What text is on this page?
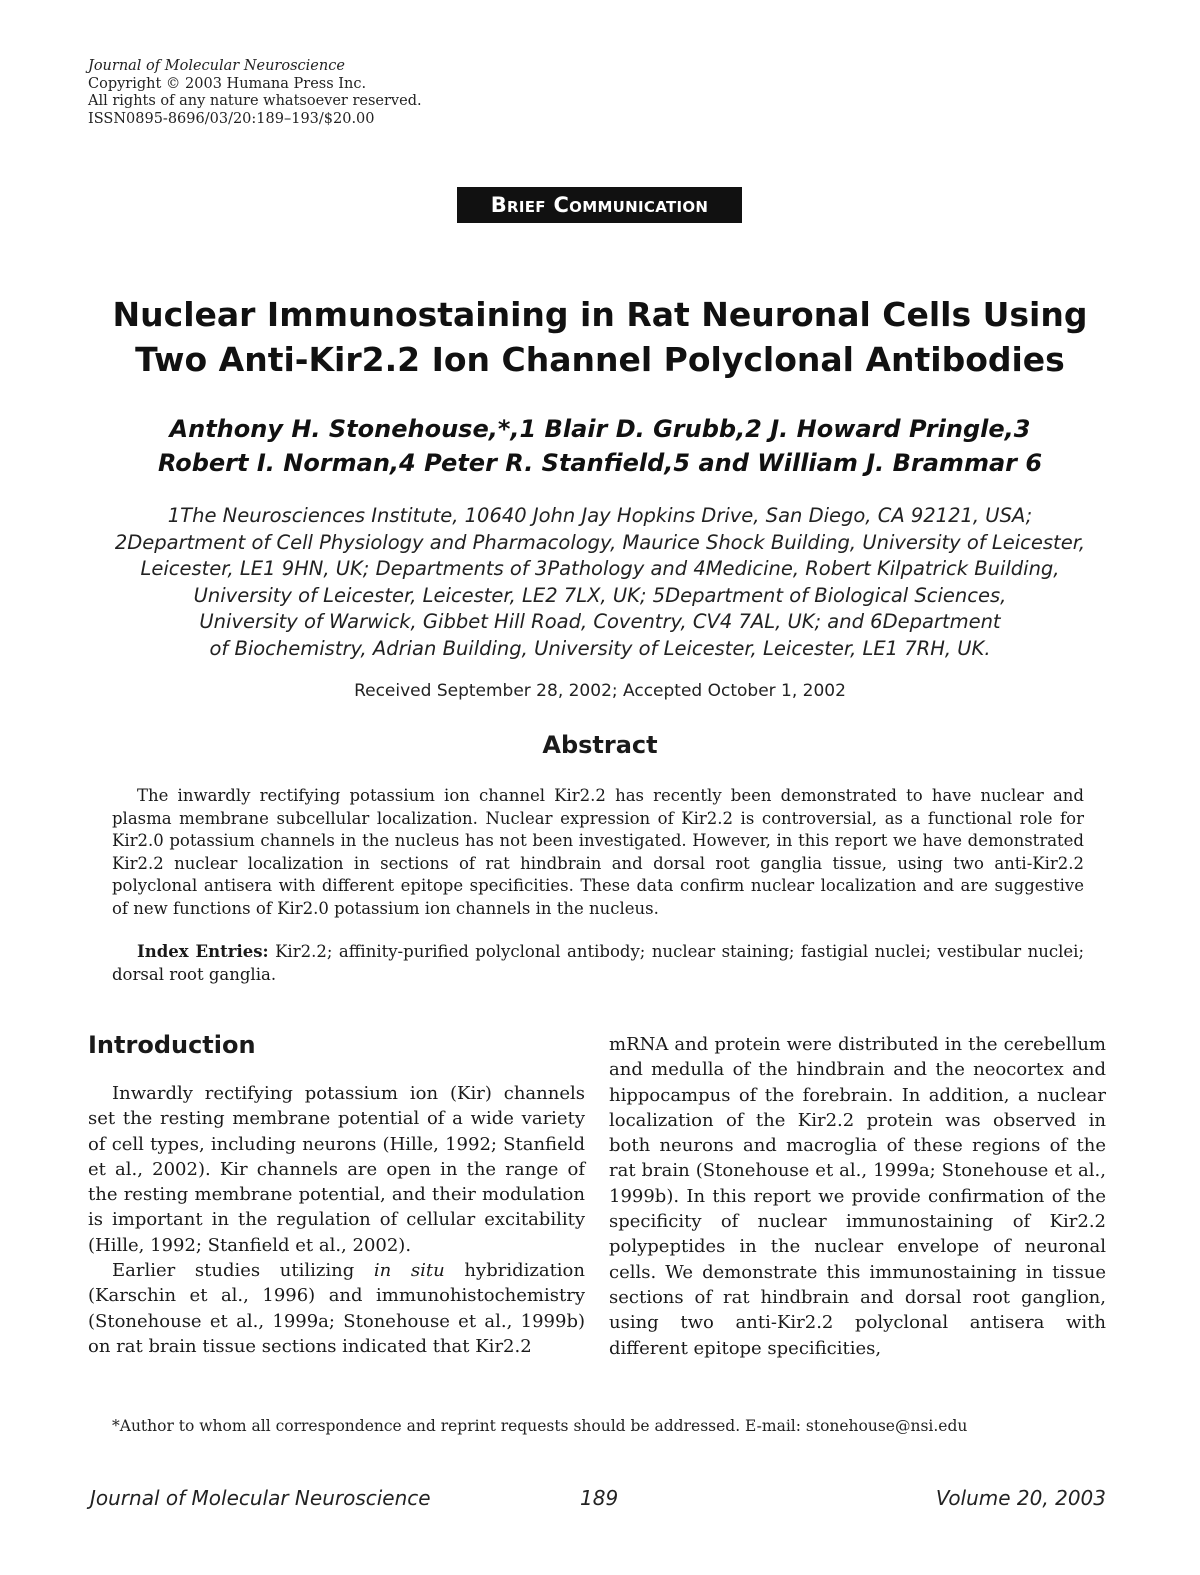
Journal of Molecular Neuroscience
Copyright © 2003 Humana Press Inc.
All rights of any nature whatsoever reserved.
ISSN0895-8696/03/20:189–193/$20.00
Brief Communication
Nuclear Immunostaining in Rat Neuronal Cells Using
Two Anti-Kir2.2 Ion Channel Polyclonal Antibodies
Anthony H. Stonehouse,*,1 Blair D. Grubb,2 J. Howard Pringle,3
Robert I. Norman,4 Peter R. Stanfield,5 and William J. Brammar 6
1The Neurosciences Institute, 10640 John Jay Hopkins Drive, San Diego, CA 92121, USA;
2Department of Cell Physiology and Pharmacology, Maurice Shock Building, University of Leicester,
Leicester, LE1 9HN, UK; Departments of 3Pathology and 4Medicine, Robert Kilpatrick Building,
University of Leicester, Leicester, LE2 7LX, UK; 5Department of Biological Sciences,
University of Warwick, Gibbet Hill Road, Coventry, CV4 7AL, UK; and 6Department
of Biochemistry, Adrian Building, University of Leicester, Leicester, LE1 7RH, UK.
Received September 28, 2002; Accepted October 1, 2002
Abstract

The inwardly rectifying potassium ion channel Kir2.2 has recently been demonstrated to have nuclear and plasma membrane subcellular localization. Nuclear expression of Kir2.2 is controversial, as a functional role for Kir2.0 potassium channels in the nucleus has not been investigated. However, in this report we have demonstrated Kir2.2 nuclear localization in sections of rat hindbrain and dorsal root ganglia tissue, using two anti-Kir2.2 polyclonal antisera with different epitope specificities. These data confirm nuclear localization and are suggestive of new functions of Kir2.0 potassium ion channels in the nucleus.

Index Entries: Kir2.2; affinity-purified polyclonal antibody; nuclear staining; fastigial nuclei; vestibular nuclei; dorsal root ganglia.

Introduction

Inwardly rectifying potassium ion (Kir) channels set the resting membrane potential of a wide variety of cell types, including neurons (Hille, 1992; Stanfield et al., 2002). Kir channels are open in the range of the resting membrane potential, and their modulation is important in the regulation of cellular excitability (Hille, 1992; Stanfield et al., 2002).

Earlier studies utilizing in situ hybridization (Karschin et al., 1996) and immunohistochemistry (Stonehouse et al., 1999a; Stonehouse et al., 1999b) on rat brain tissue sections indicated that Kir2.2

mRNA and protein were distributed in the cerebellum and medulla of the hindbrain and the neocortex and hippocampus of the forebrain. In addition, a nuclear localization of the Kir2.2 protein was observed in both neurons and macroglia of these regions of the rat brain (Stonehouse et al., 1999a; Stonehouse et al., 1999b). In this report we provide confirmation of the specificity of nuclear immunostaining of Kir2.2 polypeptides in the nuclear envelope of neuronal cells. We demonstrate this immunostaining in tissue sections of rat hindbrain and dorsal root ganglion, using two anti-Kir2.2 polyclonal antisera with different epitope specificities,

*Author to whom all correspondence and reprint requests should be addressed. E-mail: stonehouse@nsi.edu

Journal of Molecular Neuroscience	189	Volume 20, 2003
